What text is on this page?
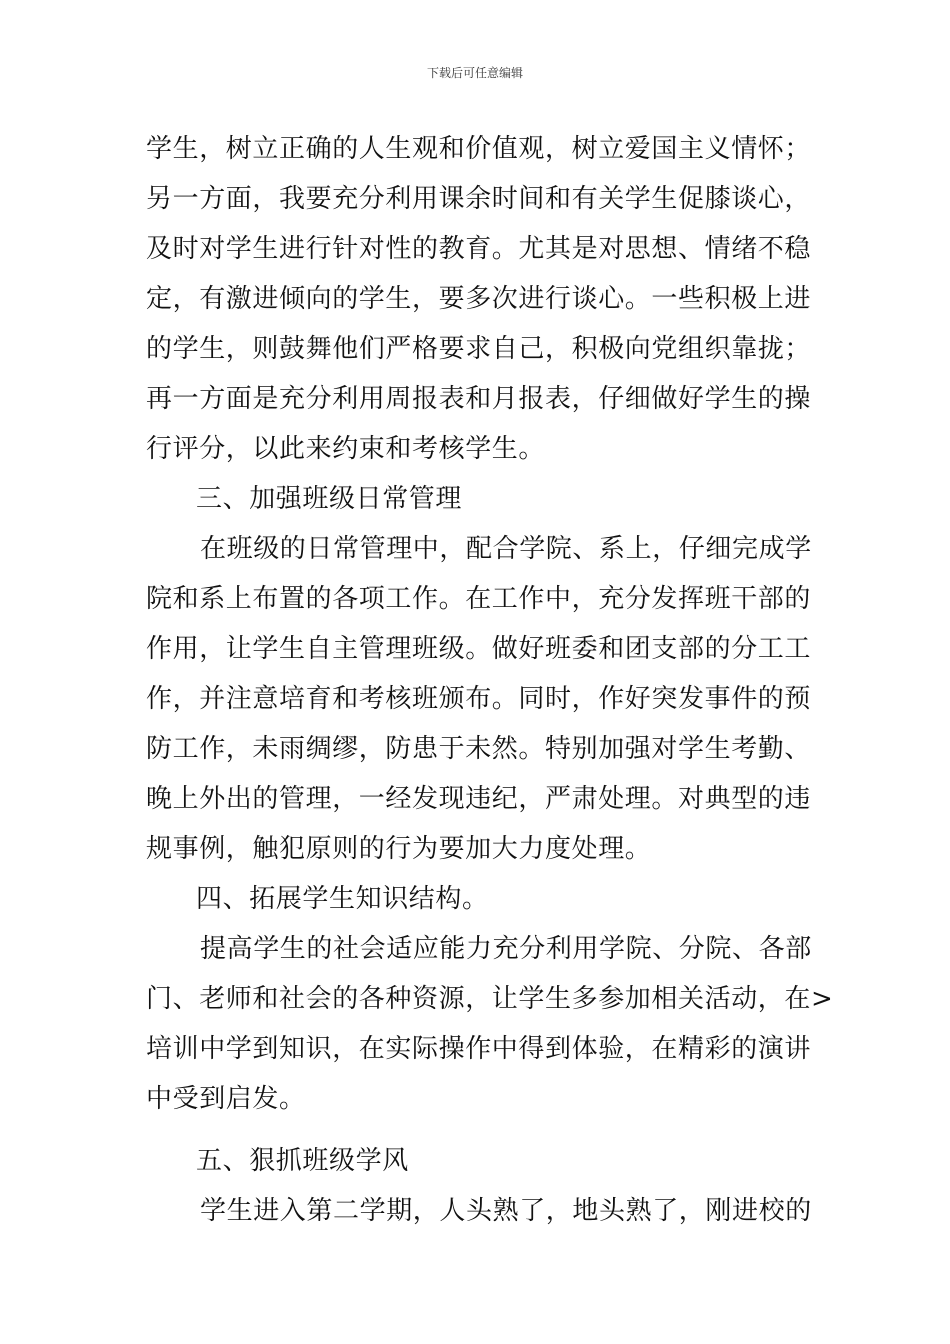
下载后可任意编辑
学生，树立正确的人生观和价值观，树立爱国主义情怀；
另一方面，我要充分利用课余时间和有关学生促膝谈心，
及时对学生进行针对性的教育。尤其是对思想、情绪不稳
定，有激进倾向的学生，要多次进行谈心。一些积极上进
的学生，则鼓舞他们严格要求自己，积极向党组织靠拢；
再一方面是充分利用周报表和月报表，仔细做好学生的操
行评分，以此来约束和考核学生。
三、加强班级日常管理
在班级的日常管理中，配合学院、系上，仔细完成学
院和系上布置的各项工作。在工作中，充分发挥班干部的
作用，让学生自主管理班级。做好班委和团支部的分工工
作，并注意培育和考核班颁布。同时，作好突发事件的预
防工作，未雨绸缪，防患于未然。特别加强对学生考勤、
晚上外出的管理，一经发现违纪，严肃处理。对典型的违
规事例，触犯原则的行为要加大力度处理。
四、拓展学生知识结构。
提高学生的社会适应能力充分利用学院、分院、各部
门、老师和社会的各种资源，让学生多参加相关活动，在>
培训中学到知识，在实际操作中得到体验，在精彩的演讲
中受到启发。
五、狠抓班级学风
学生进入第二学期，人头熟了，地头熟了，刚进校的
